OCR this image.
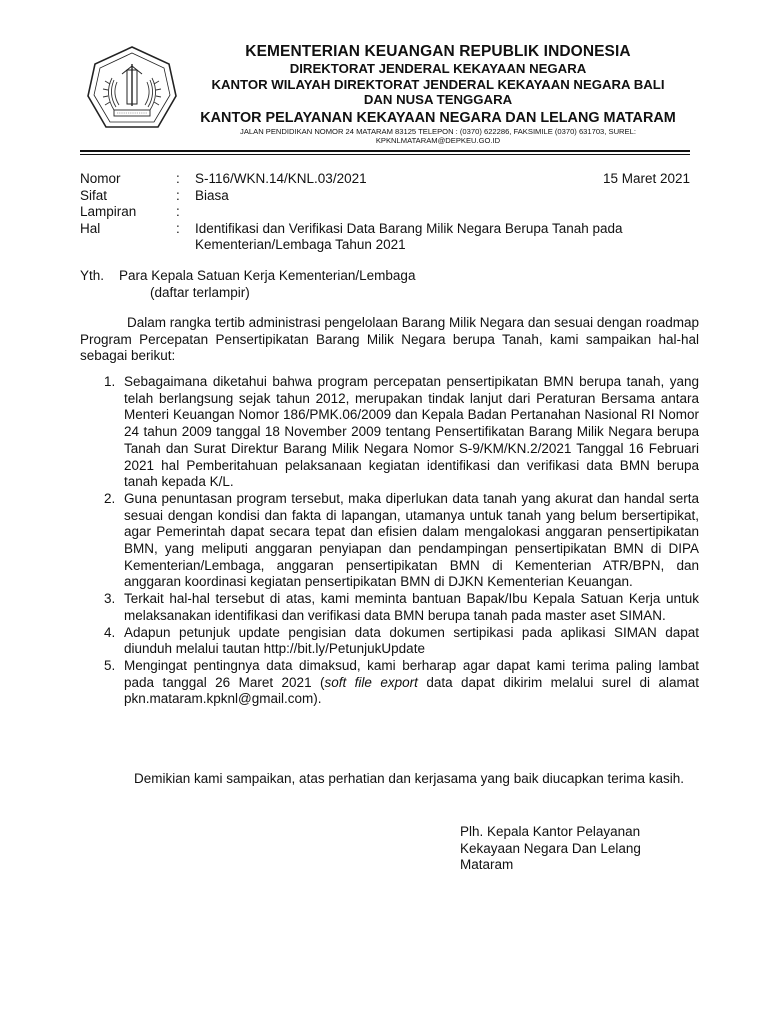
KEMENTERIAN KEUANGAN REPUBLIK INDONESIA
DIREKTORAT JENDERAL KEKAYAAN NEGARA
KANTOR WILAYAH DIREKTORAT JENDERAL KEKAYAAN NEGARA BALI
DAN NUSA TENGGARA
KANTOR PELAYANAN KEKAYAAN NEGARA DAN LELANG MATARAM
JALAN PENDIDIKAN NOMOR 24 MATARAM 83125 TELEPON : (0370) 622286, FAKSIMILE (0370) 631703, SUREL:
KPKNLMATARAM@DEPKEU.GO.ID
Nomor	: S-116/WKN.14/KNL.03/2021	15 Maret 2021
Sifat	: Biasa
Lampiran	:
Hal	: Identifikasi dan Verifikasi Data Barang Milik Negara Berupa Tanah pada Kementerian/Lembaga Tahun 2021
Yth. Para Kepala Satuan Kerja Kementerian/Lembaga
(daftar terlampir)
Dalam rangka tertib administrasi pengelolaan Barang Milik Negara dan sesuai dengan roadmap Program Percepatan Pensertipikatan Barang Milik Negara berupa Tanah, kami sampaikan hal-hal sebagai berikut:
1. Sebagaimana diketahui bahwa program percepatan pensertipikatan BMN berupa tanah, yang telah berlangsung sejak tahun 2012, merupakan tindak lanjut dari Peraturan Bersama antara Menteri Keuangan Nomor 186/PMK.06/2009 dan Kepala Badan Pertanahan Nasional RI Nomor 24 tahun 2009 tanggal 18 November 2009 tentang Pensertifikatan Barang Milik Negara berupa Tanah dan Surat Direktur Barang Milik Negara Nomor S-9/KM/KN.2/2021 Tanggal 16 Februari 2021 hal Pemberitahuan pelaksanaan kegiatan identifikasi dan verifikasi data BMN berupa tanah kepada K/L.
2. Guna penuntasan program tersebut, maka diperlukan data tanah yang akurat dan handal serta sesuai dengan kondisi dan fakta di lapangan, utamanya untuk tanah yang belum bersertipikat, agar Pemerintah dapat secara tepat dan efisien dalam mengalokasi anggaran pensertipikatan BMN, yang meliputi anggaran penyiapan dan pendampingan pensertipikatan BMN di DIPA Kementerian/Lembaga, anggaran pensertipikatan BMN di Kementerian ATR/BPN, dan anggaran koordinasi kegiatan pensertipikatan BMN di DJKN Kementerian Keuangan.
3. Terkait hal-hal tersebut di atas, kami meminta bantuan Bapak/Ibu Kepala Satuan Kerja untuk melaksanakan identifikasi dan verifikasi data BMN berupa tanah pada master aset SIMAN.
4. Adapun petunjuk update pengisian data dokumen sertipikasi pada aplikasi SIMAN dapat diunduh melalui tautan http://bit.ly/PetunjukUpdate
5. Mengingat pentingnya data dimaksud, kami berharap agar dapat kami terima paling lambat pada tanggal 26 Maret 2021 (soft file export data dapat dikirim melalui surel di alamat pkn.mataram.kpknl@gmail.com).
Demikian kami sampaikan, atas perhatian dan kerjasama yang baik diucapkan terima kasih.
Plh. Kepala Kantor Pelayanan
Kekayaan Negara Dan Lelang
Mataram
